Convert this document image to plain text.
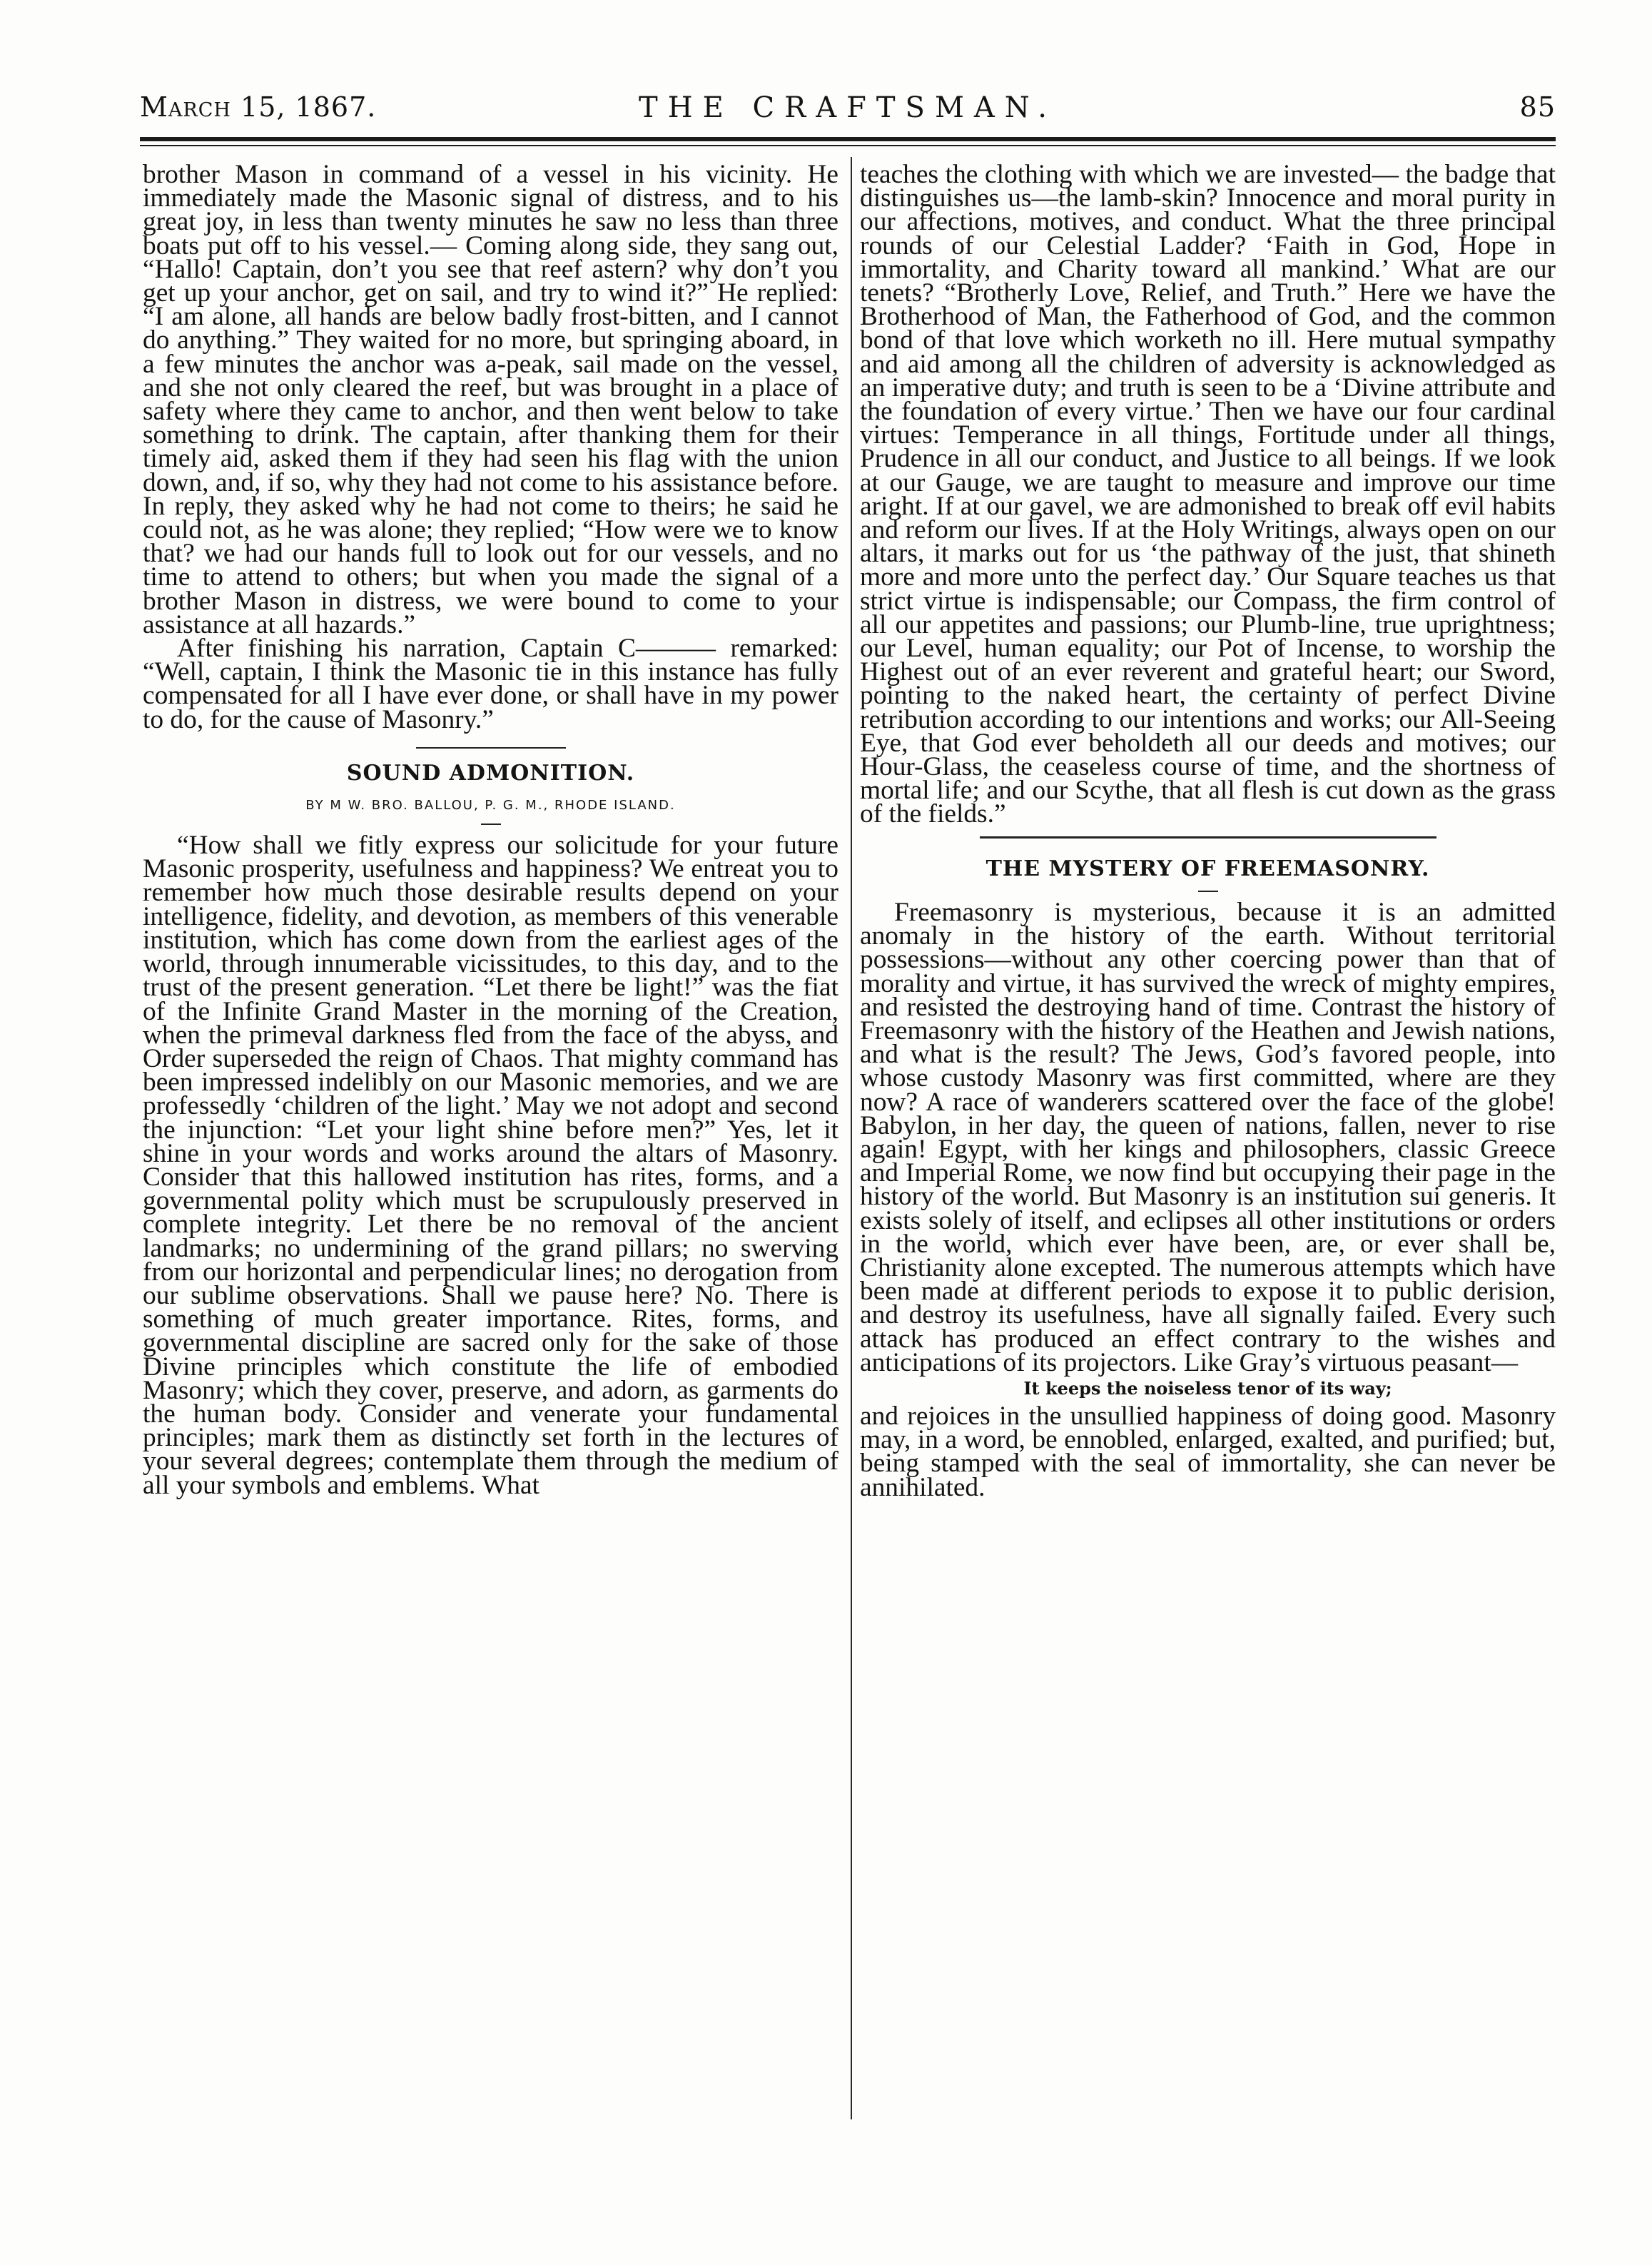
March 15, 1867.	THE CRAFTSMAN.	85

brother Mason in command of a vessel in his vicinity. He immediately made the Masonic signal of distress, and to his great joy, in less than twenty minutes he saw no less than three boats put off to his vessel.— Coming along side, they sang out, “Hallo! Captain, don’t you see that reef astern? why don’t you get up your anchor, get on sail, and try to wind it?” He replied: “I am alone, all hands are below badly frost-bitten, and I cannot do anything.” They waited for no more, but springing aboard, in a few minutes the anchor was a-peak, sail made on the vessel, and she not only cleared the reef, but was brought in a place of safety where they came to anchor, and then went below to take something to drink. The captain, after thanking them for their timely aid, asked them if they had seen his flag with the union down, and, if so, why they had not come to his assistance before. In reply, they asked why he had not come to theirs; he said he could not, as he was alone; they replied; “How were we to know that? we had our hands full to look out for our vessels, and no time to attend to others; but when you made the signal of a brother Mason in distress, we were bound to come to your assistance at all hazards.”

After finishing his narration, Captain C——— remarked: “Well, captain, I think the Masonic tie in this instance has fully compensated for all I have ever done, or shall have in my power to do, for the cause of Masonry.”

SOUND ADMONITION.

BY M W. BRO. BALLOU, P. G. M., RHODE ISLAND.

“How shall we fitly express our solicitude for your future Masonic prosperity, usefulness and happiness? We entreat you to remember how much those desirable results depend on your intelligence, fidelity, and devotion, as members of this venerable institution, which has come down from the earliest ages of the world, through innumerable vicissitudes, to this day, and to the trust of the present generation. “Let there be light!” was the fiat of the Infinite Grand Master in the morning of the Creation, when the primeval darkness fled from the face of the abyss, and Order superseded the reign of Chaos. That mighty command has been impressed indelibly on our Masonic memories, and we are professedly ‘children of the light.’ May we not adopt and second the injunction: “Let your light shine before men?” Yes, let it shine in your words and works around the altars of Masonry. Consider that this hallowed institution has rites, forms, and a governmental polity which must be scrupulously preserved in complete integrity. Let there be no removal of the ancient landmarks; no undermining of the grand pillars; no swerving from our horizontal and perpendicular lines; no derogation from our sublime observations. Shall we pause here? No. There is something of much greater importance. Rites, forms, and governmental discipline are sacred only for the sake of those Divine principles which constitute the life of embodied Masonry; which they cover, preserve, and adorn, as garments do the human body. Consider and venerate your fundamental principles; mark them as distinctly set forth in the lectures of your several degrees; contemplate them through the medium of all your symbols and emblems. What

teaches the clothing with which we are invested— the badge that distinguishes us—the lamb-skin? Innocence and moral purity in our affections, motives, and conduct. What the three principal rounds of our Celestial Ladder? ‘Faith in God, Hope in immortality, and Charity toward all mankind.’ What are our tenets? “Brotherly Love, Relief, and Truth.” Here we have the Brotherhood of Man, the Fatherhood of God, and the common bond of that love which worketh no ill. Here mutual sympathy and aid among all the children of adversity is acknowledged as an imperative duty; and truth is seen to be a ‘Divine attribute and the foundation of every virtue.’ Then we have our four cardinal virtues: Temperance in all things, Fortitude under all things, Prudence in all our conduct, and Justice to all beings. If we look at our Gauge, we are taught to measure and improve our time aright. If at our gavel, we are admonished to break off evil habits and reform our lives. If at the Holy Writings, always open on our altars, it marks out for us ‘the pathway of the just, that shineth more and more unto the perfect day.’ Our Square teaches us that strict virtue is indispensable; our Compass, the firm control of all our appetites and passions; our Plumb-line, true uprightness; our Level, human equality; our Pot of Incense, to worship the Highest out of an ever reverent and grateful heart; our Sword, pointing to the naked heart, the certainty of perfect Divine retribution according to our intentions and works; our All-Seeing Eye, that God ever beholdeth all our deeds and motives; our Hour-Glass, the ceaseless course of time, and the shortness of mortal life; and our Scythe, that all flesh is cut down as the grass of the fields.”

THE MYSTERY OF FREEMASONRY.

Freemasonry is mysterious, because it is an admitted anomaly in the history of the earth. Without territorial possessions—without any other coercing power than that of morality and virtue, it has survived the wreck of mighty empires, and resisted the destroying hand of time. Contrast the history of Freemasonry with the history of the Heathen and Jewish nations, and what is the result? The Jews, God’s favored people, into whose custody Masonry was first committed, where are they now? A race of wanderers scattered over the face of the globe! Babylon, in her day, the queen of nations, fallen, never to rise again! Egypt, with her kings and philosophers, classic Greece and Imperial Rome, we now find but occupying their page in the history of the world. But Masonry is an institution sui generis. It exists solely of itself, and eclipses all other institutions or orders in the world, which ever have been, are, or ever shall be, Christianity alone excepted. The numerous attempts which have been made at different periods to expose it to public derision, and destroy its usefulness, have all signally failed. Every such attack has produced an effect contrary to the wishes and anticipations of its projectors. Like Gray’s virtuous peasant—

It keeps the noiseless tenor of its way;

and rejoices in the unsullied happiness of doing good. Masonry may, in a word, be ennobled, enlarged, exalted, and purified; but, being stamped with the seal of immortality, she can never be annihilated.
